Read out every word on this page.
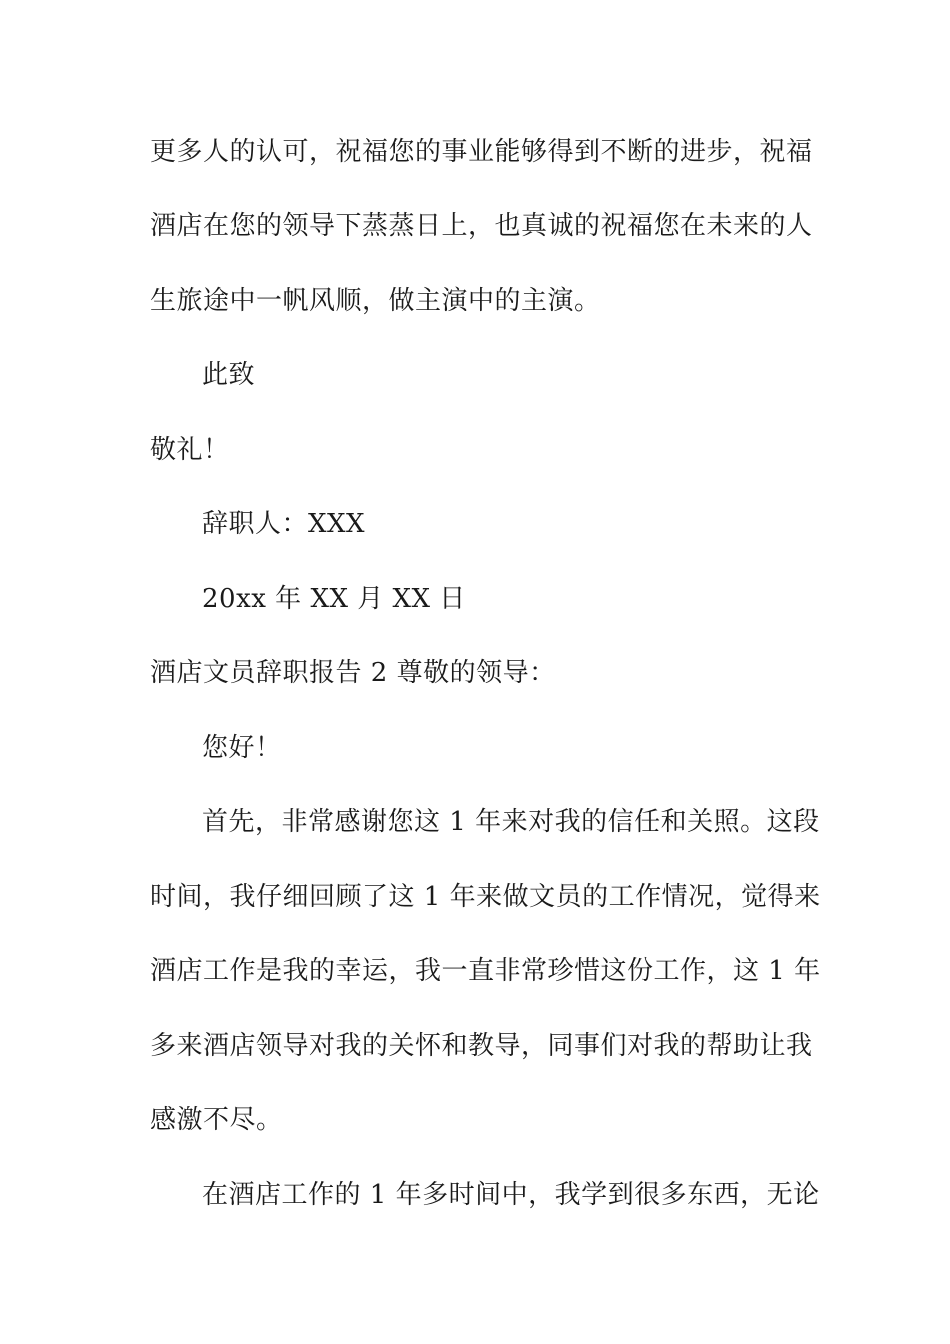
更多人的认可，祝福您的事业能够得到不断的进步，祝福
酒店在您的领导下蒸蒸日上，也真诚的祝福您在未来的人
生旅途中一帆风顺，做主演中的主演。
此致
敬礼！
辞职人：XXX
20xx 年 XX 月 XX 日
酒店文员辞职报告 2 尊敬的领导：
您好！
首先，非常感谢您这 1 年来对我的信任和关照。这段
时间，我仔细回顾了这 1 年来做文员的工作情况，觉得来
酒店工作是我的幸运，我一直非常珍惜这份工作，这 1 年
多来酒店领导对我的关怀和教导，同事们对我的帮助让我
感激不尽。
在酒店工作的 1 年多时间中，我学到很多东西，无论
